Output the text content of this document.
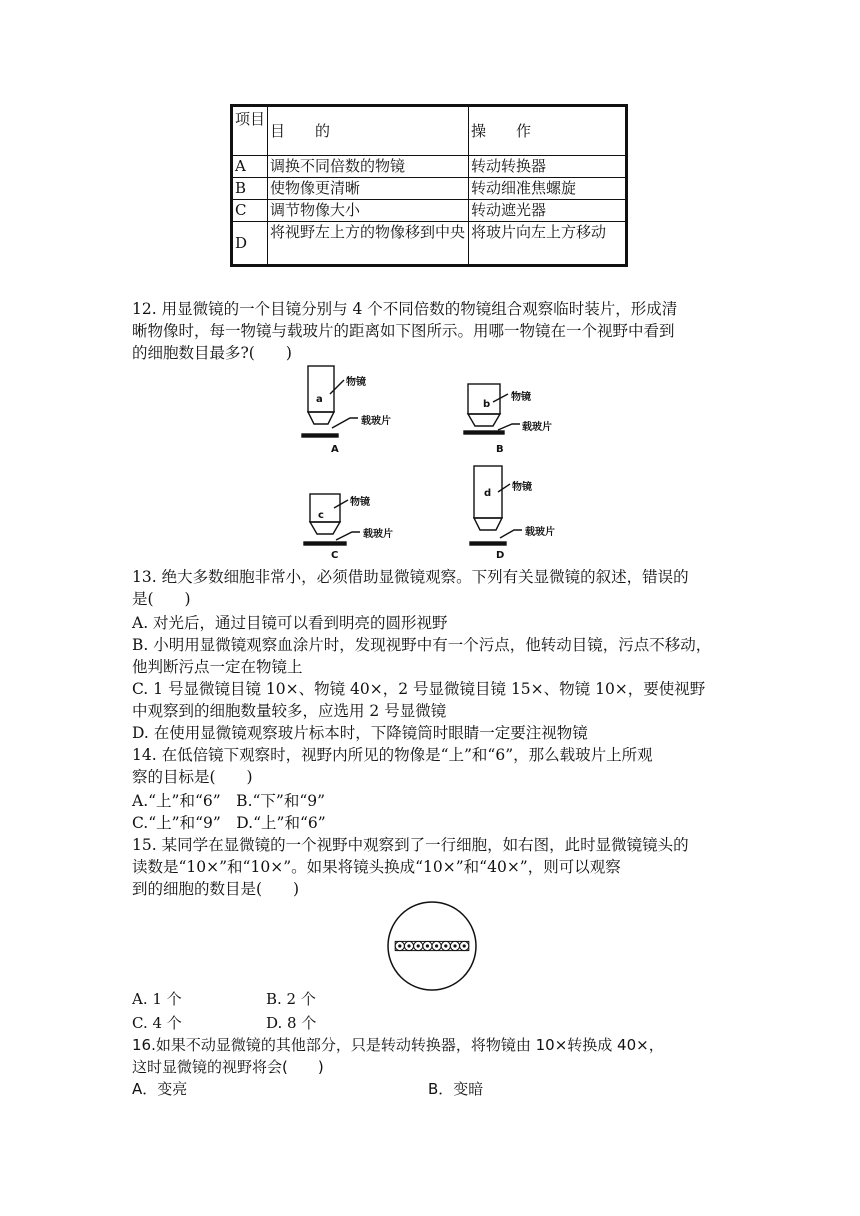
项目	目　　的	操　　作
A	调换不同倍数的物镜	转动转换器
B	使物像更清晰	转动细准焦螺旋
C	调节物像大小	转动遮光器
D	将视野左上方的物像移到中央	将玻片向左上方移动
12. 用显微镜的一个目镜分别与 4 个不同倍数的物镜组合观察临时装片，形成清
晰物像时，每一物镜与载玻片的距离如下图所示。用哪一物镜在一个视野中看到
的细胞数目最多?(　　)
a	b
c
d
物镜
载玻片
物镜
载玻片
物镜
载玻片
物镜
载玻片
A	B
C	D
13. 绝大多数细胞非常小，必须借助显微镜观察。下列有关显微镜的叙述，错误的
是(　　)
A. 对光后，通过目镜可以看到明亮的圆形视野
B. 小明用显微镜观察血涂片时，发现视野中有一个污点，他转动目镜，污点不移动，
他判断污点一定在物镜上
C. 1 号显微镜目镜 10×、物镜 40×，2 号显微镜目镜 15×、物镜 10×，要使视野
中观察到的细胞数量较多，应选用 2 号显微镜
D. 在使用显微镜观察玻片标本时，下降镜筒时眼睛一定要注视物镜
14. 在低倍镜下观察时，视野内所见的物像是“上”和“6”，那么载玻片上所观
察的目标是(　　)
A.“上”和“6”　B.“下”和“9”
C.“上”和“9”　D.“上”和“6”
15. 某同学在显微镜的一个视野中观察到了一行细胞，如右图，此时显微镜镜头的
读数是“10×”和“10×”。如果将镜头换成“10×”和“40×”，则可以观察
到的细胞的数目是(　　)
A. 1 个	B. 2 个
C. 4 个	D. 8 个
16.如果不动显微镜的其他部分，只是转动转换器，将物镜由 10×转换成 40×，
这时显微镜的视野将会(　　)
A．变亮	B．变暗
